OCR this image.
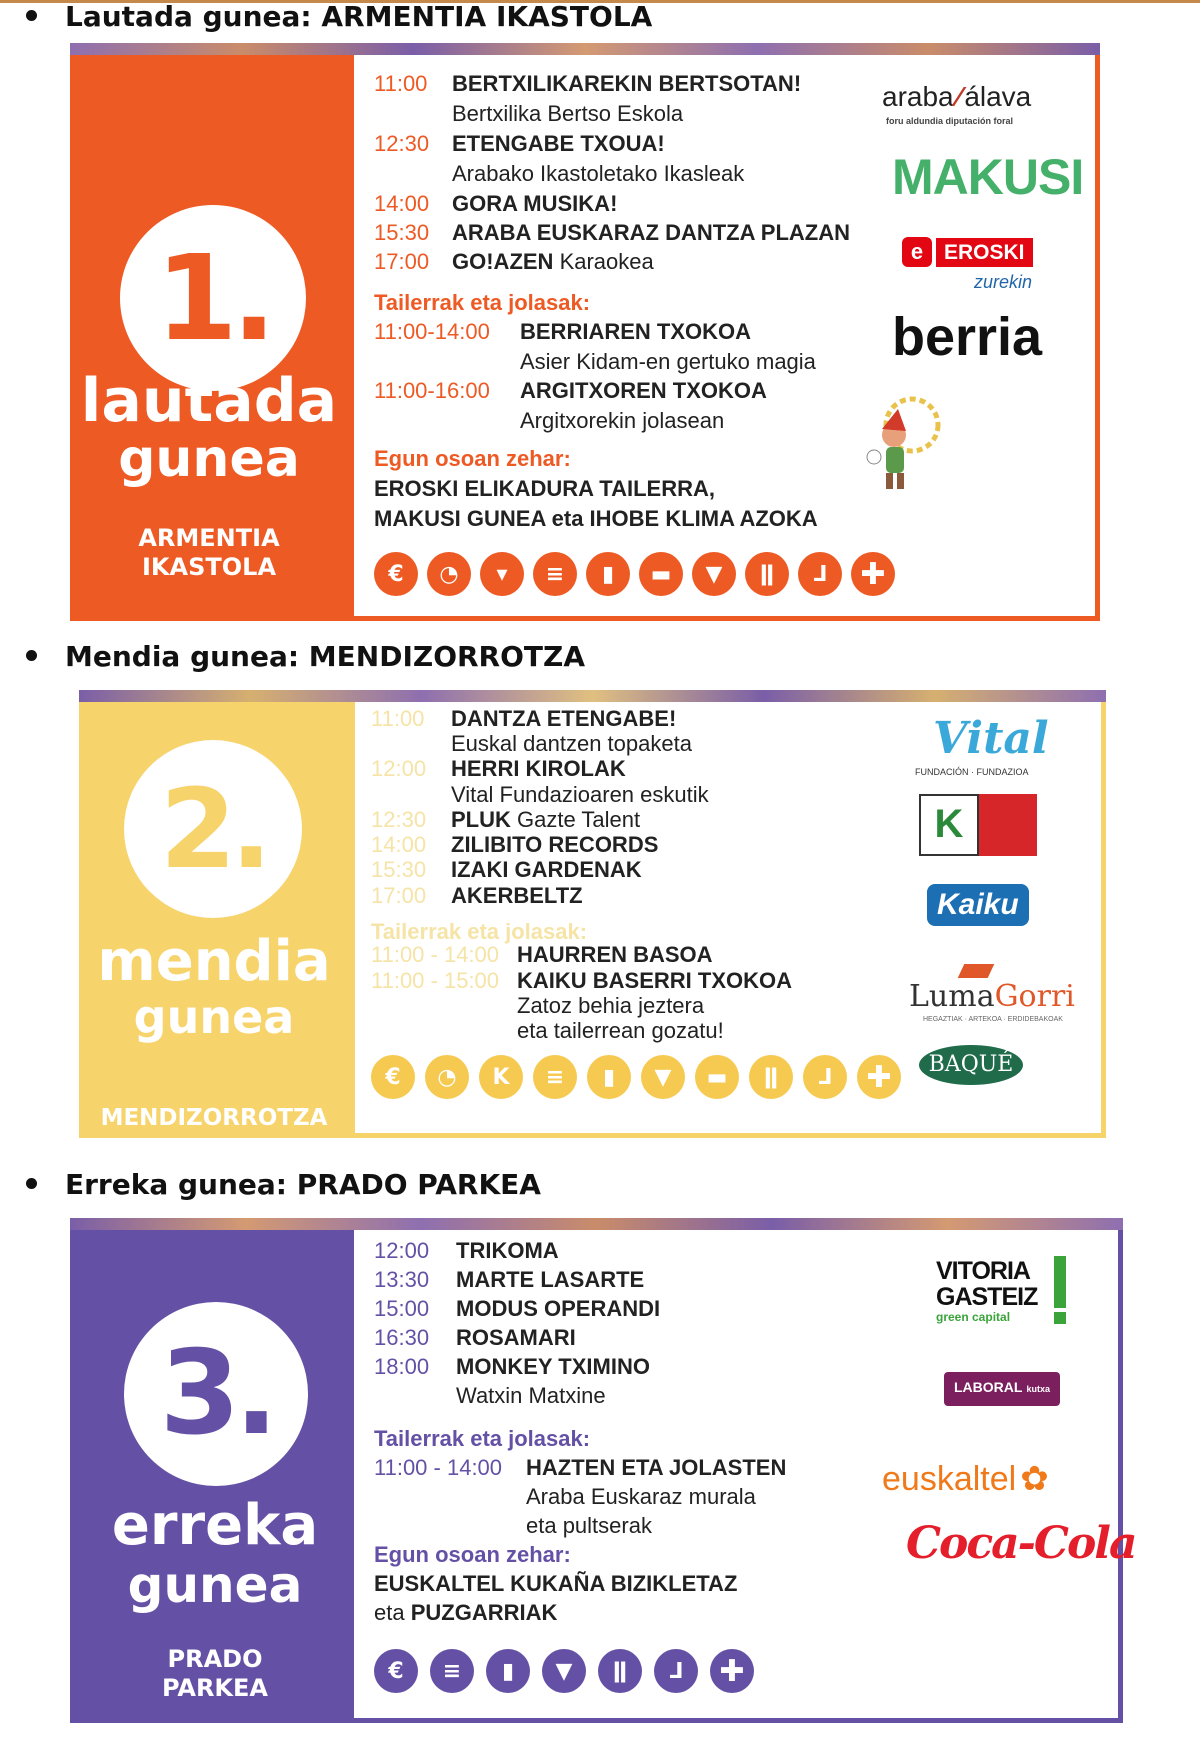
Lautada gunea: ARMENTIA IKASTOLA
1.
lautada
gunea
ARMENTIA
IKASTOLA
11:00 BERTXILIKAREKIN BERTSOTAN!
Bertxilika Bertso Eskola
12:30 ETENGABE TXOUA!
Arabako Ikastoletako Ikasleak
14:00 GORA MUSIKA!
15:30 ARABA EUSKARAZ DANTZA PLAZAN
17:00 GO!AZEN Karaokea
Tailerrak eta jolasak:
11:00-14:00 BERRIAREN TXOKOA
Asier Kidam-en gertuko magia
11:00-16:00 ARGITXOREN TXOKOA
Argitxorekin jolasean
Egun osoan zehar:
EROSKI ELIKADURA TAILERRA,
MAKUSI GUNEA eta IHOBE KLIMA AZOKA
araba ⁄ álava
foru aldundia diputación foral
MAKUSI
e EROSKI
zurekin
berria
€	◔	▾	≡	▮	▬	▼	ǁ	⅃	✚
Mendia gunea: MENDIZORROTZA
2.
mendia
gunea
MENDIZORROTZA
11:00 DANTZA ETENGABE!
Euskal dantzen topaketa
12:00 HERRI KIROLAK
Vital Fundazioaren eskutik
12:30 PLUK Gazte Talent
14:00 ZILIBITO RECORDS
15:30 IZAKI GARDENAK
17:00 AKERBELTZ
Tailerrak eta jolasak:
11:00 - 14:00 HAURREN BASOA
11:00 - 15:00 KAIKU BASERRI TXOKOA
Zatoz behia jeztera
eta tailerrean gozatu!
Vital
FUNDACIÓN · FUNDAZIOA
K
Kaiku
LumaGorri
HEGAZTIAK · ARTEKOA · ERDIDEBAKOAK
BAQUÉ
€	◔	K	≡	▮	▼	▬	ǁ	⅃	✚
Erreka gunea: PRADO PARKEA
3.
erreka
gunea
PRADO
PARKEA
12:00 TRIKOMA
13:30 MARTE LASARTE
15:00 MODUS OPERANDI
16:30 ROSAMARI
18:00 MONKEY TXIMINO
Watxin Matxine
Tailerrak eta jolasak:
11:00 - 14:00 HAZTEN ETA JOLASTEN
Araba Euskaraz murala
eta pultserak
Egun osoan zehar:
EUSKALTEL KUKAÑA BIZIKLETAZ
eta PUZGARRIAK
VITORIA
GASTEIZ
green capital
LABORAL kutxa
euskaltel ✿
Coca-Cola
€	≡	▮	▼	ǁ	⅃	✚
